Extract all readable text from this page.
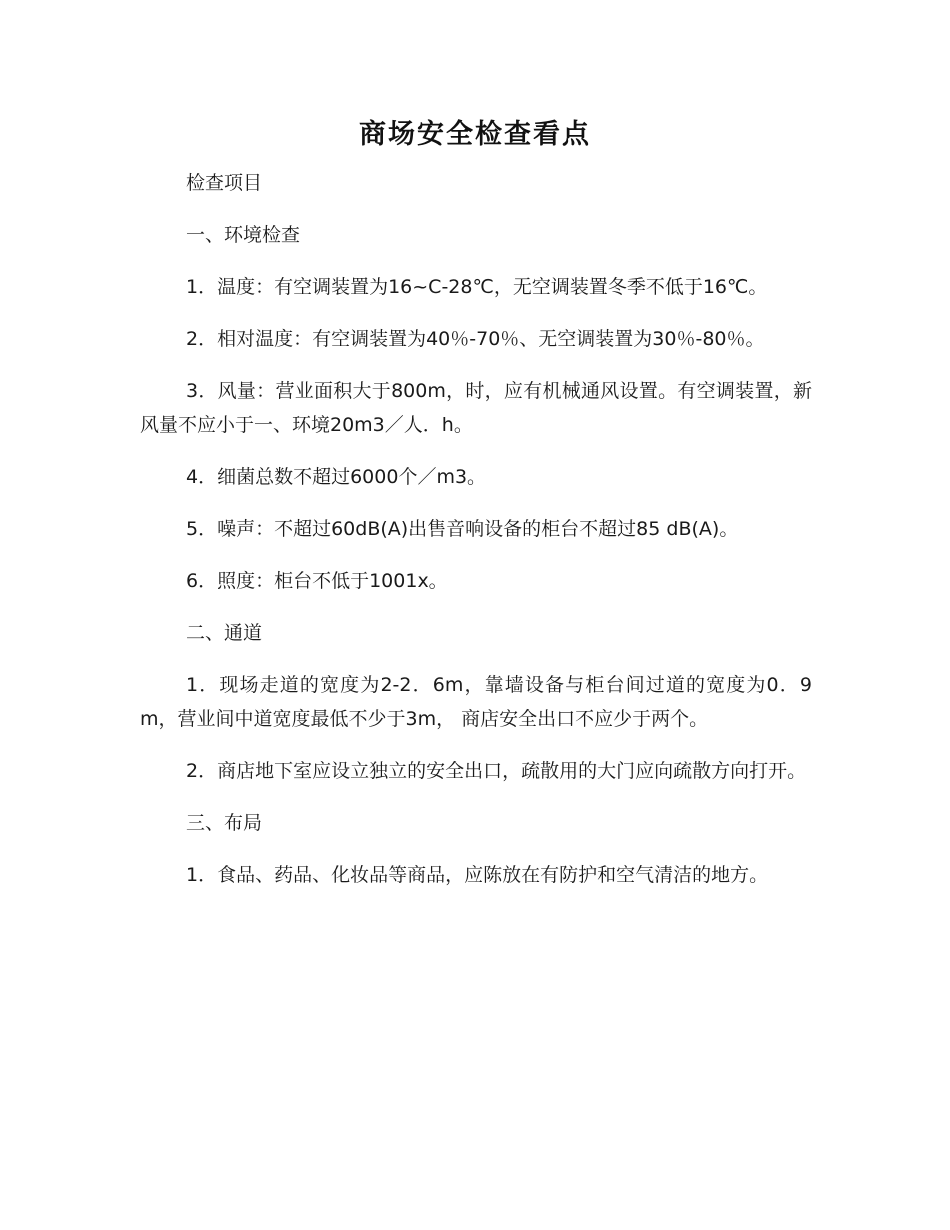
商场安全检查看点

检查项目

一、环境检查

1．温度：有空调装置为16~C-28℃，无空调装置冬季不低于16℃。

2．相对温度：有空调装置为40％-70％、无空调装置为30％-80％。

3．风量：营业面积大于800m，时，应有机械通风设置。有空调装置，新风量不应小于一、环境20m3／人．h。

4．细菌总数不超过6000个／m3。

5．噪声：不超过60dB(A)出售音响设备的柜台不超过85 dB(A)。

6．照度：柜台不低于1001x。

二、通道

1．现场走道的宽度为2-2．6m，靠墙设备与柜台间过道的宽度为0．9m，营业间中道宽度最低不少于3m， 商店安全出口不应少于两个。

2．商店地下室应设立独立的安全出口，疏散用的大门应向疏散方向打开。

三、布局

1．食品、药品、化妆品等商品，应陈放在有防护和空气清洁的地方。
